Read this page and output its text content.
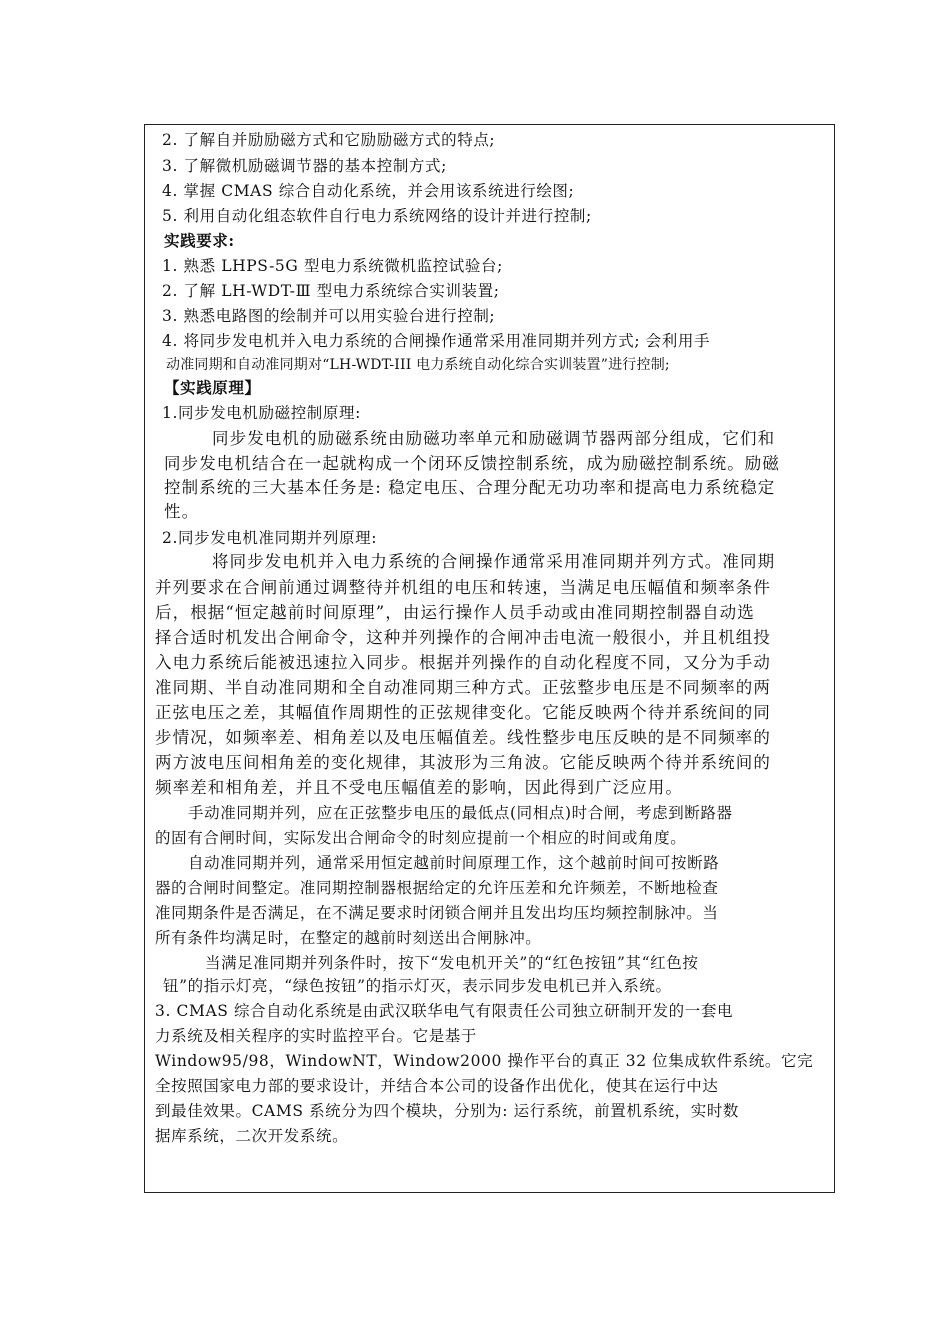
2. 了解自并励励磁方式和它励励磁方式的特点;
3. 了解微机励磁调节器的基本控制方式;
4. 掌握 CMAS 综合自动化系统，并会用该系统进行绘图;
5. 利用自动化组态软件自行电力系统网络的设计并进行控制;
实践要求:
1. 熟悉 LHPS-5G 型电力系统微机监控试验台;
2. 了解 LH-WDT-Ⅲ 型电力系统综合实训装置;
3. 熟悉电路图的绘制并可以用实验台进行控制;
4. 将同步发电机并入电力系统的合闸操作通常采用准同期并列方式; 会利用手
动准同期和自动准同期对“LH-WDT-III 电力系统自动化综合实训装置”进行控制;
【实践原理】
1.同步发电机励磁控制原理:
同步发电机的励磁系统由励磁功率单元和励磁调节器两部分组成，它们和
同步发电机结合在一起就构成一个闭环反馈控制系统，成为励磁控制系统。励磁
控制系统的三大基本任务是: 稳定电压、合理分配无功功率和提高电力系统稳定
性。
2.同步发电机准同期并列原理:
将同步发电机并入电力系统的合闸操作通常采用准同期并列方式。准同期
并列要求在合闸前通过调整待并机组的电压和转速，当满足电压幅值和频率条件
后，根据“恒定越前时间原理”，由运行操作人员手动或由准同期控制器自动选
择合适时机发出合闸命令，这种并列操作的合闸冲击电流一般很小，并且机组投
入电力系统后能被迅速拉入同步。根据并列操作的自动化程度不同，又分为手动
准同期、半自动准同期和全自动准同期三种方式。正弦整步电压是不同频率的两
正弦电压之差，其幅值作周期性的正弦规律变化。它能反映两个待并系统间的同
步情况，如频率差、相角差以及电压幅值差。线性整步电压反映的是不同频率的
两方波电压间相角差的变化规律，其波形为三角波。它能反映两个待并系统间的
频率差和相角差，并且不受电压幅值差的影响，因此得到广泛应用。
手动准同期并列，应在正弦整步电压的最低点(同相点)时合闸，考虑到断路器
的固有合闸时间，实际发出合闸命令的时刻应提前一个相应的时间或角度。
自动准同期并列，通常采用恒定越前时间原理工作，这个越前时间可按断路
器的合闸时间整定。准同期控制器根据给定的允许压差和允许频差，不断地检查
准同期条件是否满足，在不满足要求时闭锁合闸并且发出均压均频控制脉冲。当
所有条件均满足时，在整定的越前时刻送出合闸脉冲。
当满足准同期并列条件时，按下“发电机开关”的“红色按钮”其“红色按
钮”的指示灯亮，“绿色按钮”的指示灯灭，表示同步发电机已并入系统。
3. CMAS 综合自动化系统是由武汉联华电气有限责任公司独立研制开发的一套电
力系统及相关程序的实时监控平台。它是基于
Window95/98，WindowNT，Window2000 操作平台的真正 32 位集成软件系统。它完
全按照国家电力部的要求设计，并结合本公司的设备作出优化，使其在运行中达
到最佳效果。CAMS 系统分为四个模块，分别为: 运行系统，前置机系统，实时数
据库系统，二次开发系统。
